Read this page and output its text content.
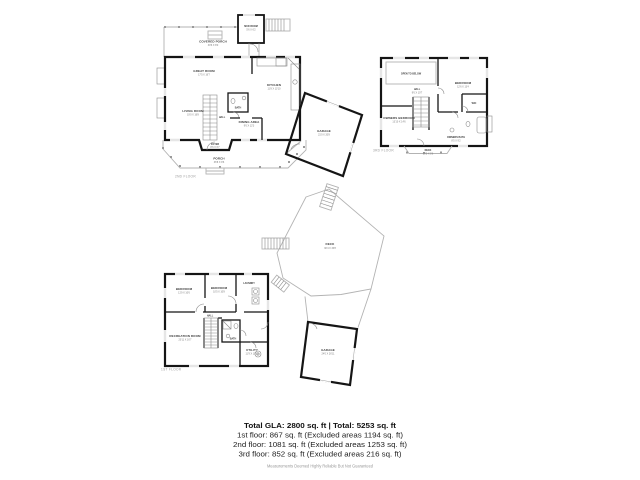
COVERED PORCH
30'6 X 8'0
MUD ROOM
5'6 X 6'2
BATH
GREAT ROOM
17'5 X 16'7
KITCHEN
11'8 X 13'10
HALL
LIVING ROOM
19'0 X 16'8
DINING AREA
9'6 X 12'3
FOYER
8'6 X 6'7
PORCH
36'8 X 9'6
GARAGE
21'0 X 20'8
2ND FLOOR
OPEN TO BELOW
BEDROOM
12'6 X 13'4
HALL
9'6 X 10'7
OWNERS BEDROOM
13'10 X 14'6
WIC
OWNERS BATH
8'5 X 9'2
DECK
13'5 X 5'6
3RD FLOOR
DECK
30'4 X 33'8
BATH
BEDROOM
11'9 X 10'6
BEDROOM
10'5 X 10'8
LAUNDRY
HALL
RECREATION ROOM
20'11 X 16'7
UTILITY
11'9 X 10'10
GARAGE
24'0 X 26'11
1ST FLOOR
Total GLA: 2800 sq. ft | Total: 5253 sq. ft
1st floor: 867 sq. ft (Excluded areas 1194 sq. ft)
2nd floor: 1081 sq. ft (Excluded areas 1253 sq. ft)
3rd floor: 852 sq. ft (Excluded areas 216 sq. ft)
Measurements Deemed Highly Reliable But Not Guaranteed
